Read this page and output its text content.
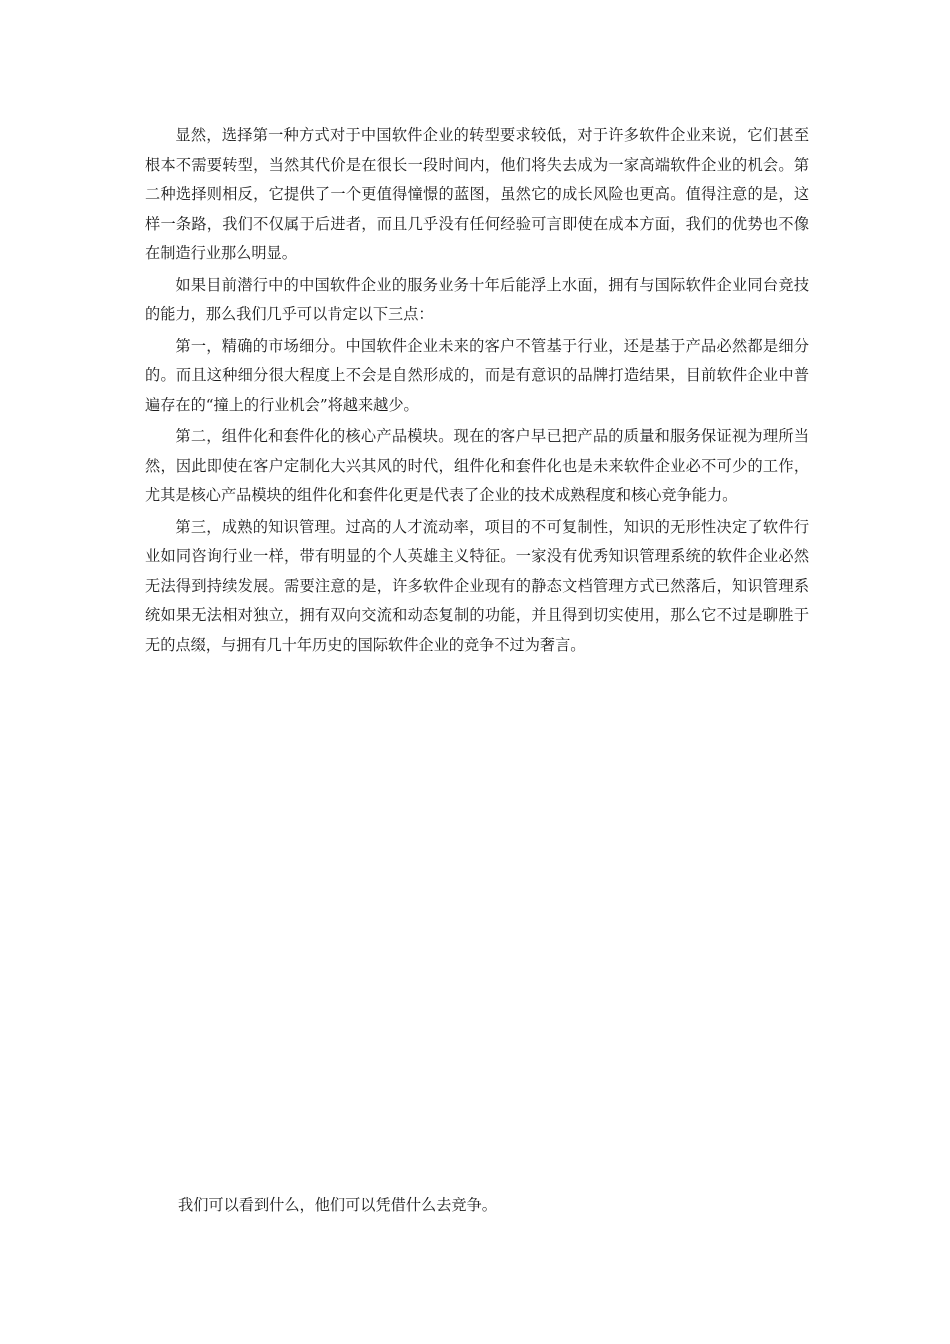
显然，选择第一种方式对于中国软件企业的转型要求较低，对于许多软件企业来说，它们甚至根本不需要转型，当然其代价是在很长一段时间内，他们将失去成为一家高端软件企业的机会。第二种选择则相反，它提供了一个更值得憧憬的蓝图，虽然它的成长风险也更高。值得注意的是，这样一条路，我们不仅属于后进者，而且几乎没有任何经验可言即使在成本方面，我们的优势也不像在制造行业那么明显。

如果目前潜行中的中国软件企业的服务业务十年后能浮上水面，拥有与国际软件企业同台竞技的能力，那么我们几乎可以肯定以下三点：

第一，精确的市场细分。中国软件企业未来的客户不管基于行业，还是基于产品必然都是细分的。而且这种细分很大程度上不会是自然形成的，而是有意识的品牌打造结果，目前软件企业中普遍存在的“撞上的行业机会”将越来越少。

第二，组件化和套件化的核心产品模块。现在的客户早已把产品的质量和服务保证视为理所当然，因此即使在客户定制化大兴其风的时代，组件化和套件化也是未来软件企业必不可少的工作，尤其是核心产品模块的组件化和套件化更是代表了企业的技术成熟程度和核心竞争能力。

第三，成熟的知识管理。过高的人才流动率，项目的不可复制性，知识的无形性决定了软件行业如同咨询行业一样，带有明显的个人英雄主义特征。一家没有优秀知识管理系统的软件企业必然无法得到持续发展。需要注意的是，许多软件企业现有的静态文档管理方式已然落后，知识管理系统如果无法相对独立，拥有双向交流和动态复制的功能，并且得到切实使用，那么它不过是聊胜于无的点缀，与拥有几十年历史的国际软件企业的竞争不过为奢言。

我们可以看到什么，他们可以凭借什么去竞争。
